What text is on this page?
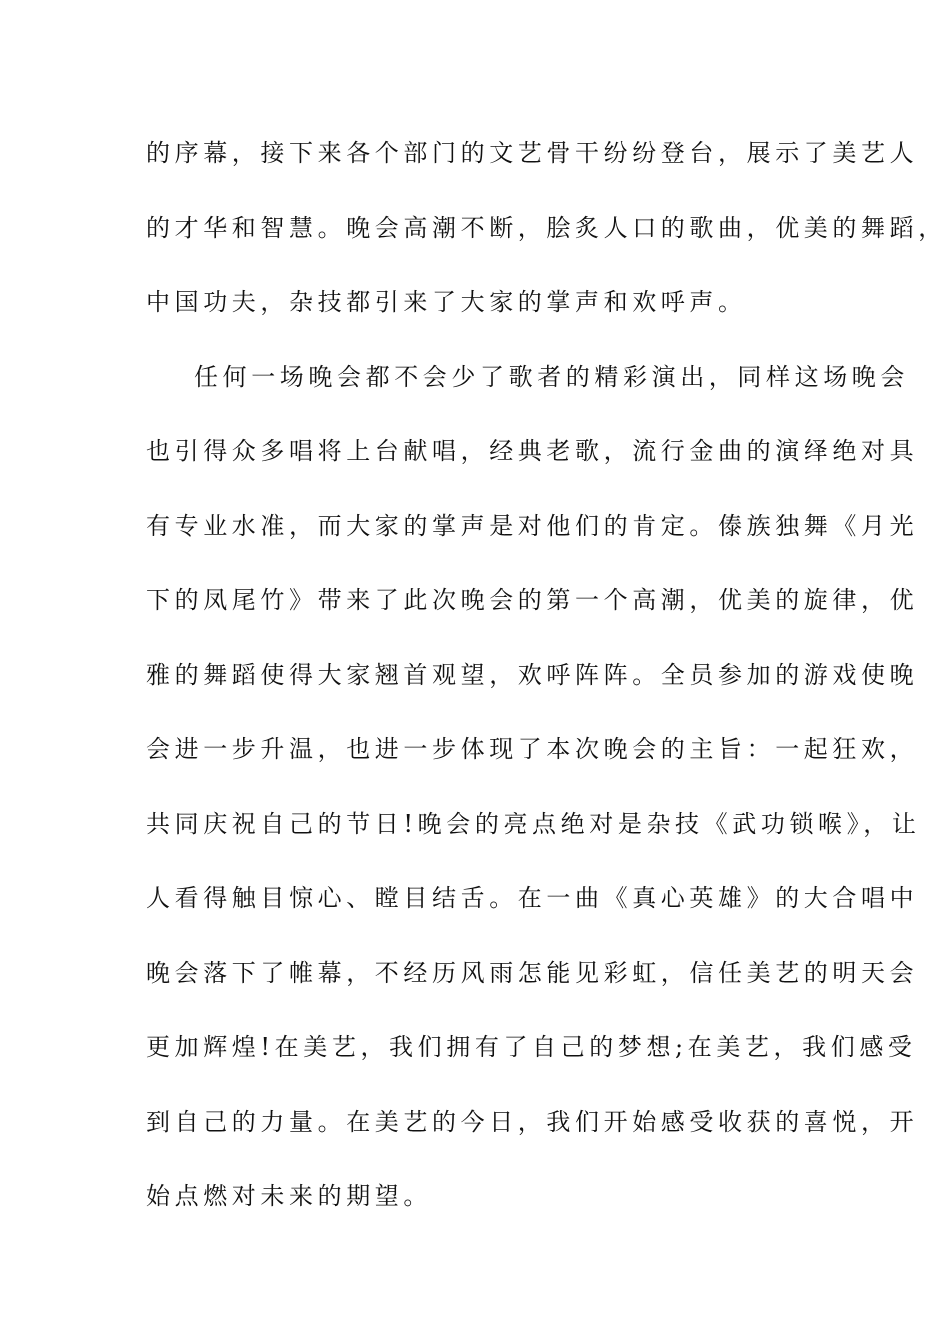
的序幕，接下来各个部门的文艺骨干纷纷登台，展示了美艺人
的才华和智慧。晚会高潮不断，脍炙人口的歌曲，优美的舞蹈，
中国功夫，杂技都引来了大家的掌声和欢呼声。
任何一场晚会都不会少了歌者的精彩演出，同样这场晚会
也引得众多唱将上台献唱，经典老歌，流行金曲的演绎绝对具
有专业水准，而大家的掌声是对他们的肯定。傣族独舞《月光
下的凤尾竹》带来了此次晚会的第一个高潮，优美的旋律，优
雅的舞蹈使得大家翘首观望，欢呼阵阵。全员参加的游戏使晚
会进一步升温，也进一步体现了本次晚会的主旨：一起狂欢，
共同庆祝自己的节日!晚会的亮点绝对是杂技《武功锁喉》，让
人看得触目惊心、瞠目结舌。在一曲《真心英雄》的大合唱中
晚会落下了帷幕，不经历风雨怎能见彩虹，信任美艺的明天会
更加辉煌!在美艺，我们拥有了自己的梦想;在美艺，我们感受
到自己的力量。在美艺的今日，我们开始感受收获的喜悦，开
始点燃对未来的期望。
